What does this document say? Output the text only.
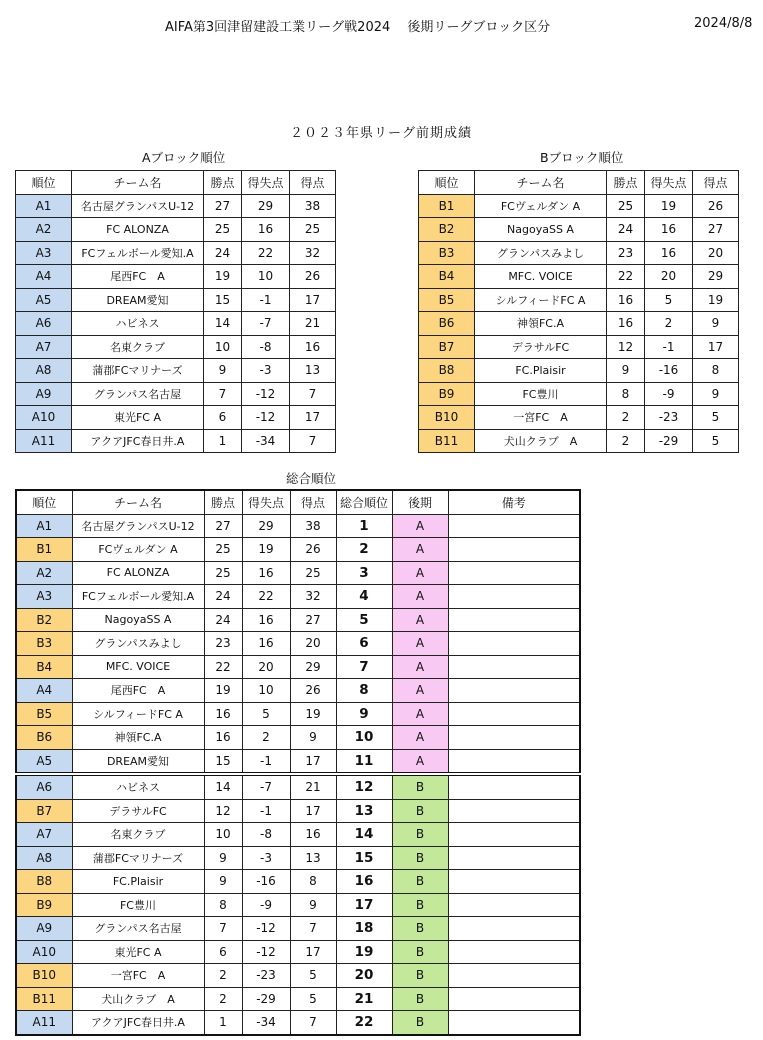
AIFA第3回津留建設工業リーグ戦2024　 後期リーグブロック区分	2024/8/8
２０２３年県リーグ前期成績
Aブロック順位	Bブロック順位
総合順位
順位	チーム名	勝点	得失点	得点
A1	名古屋グランパスU-12	27	29	38
A2	FC ALONZA	25	16	25
A3	FCフェルボール愛知.A	24	22	32
A4	尾西FC　A	19	10	26
A5	DREAM愛知	15	-1	17
A6	ハビネス	14	-7	21
A7	名東クラブ	10	-8	16
A8	蒲郡FCマリナーズ	9	-3	13
A9	グランパス名古屋	7	-12	7
A10	東光FC A	6	-12	17
A11	アクアJFC春日井.A	1	-34	7
順位	チーム名	勝点	得失点	得点
B1	FCヴェルダン A	25	19	26
B2	NagoyaSS A	24	16	27
B3	グランパスみよし	23	16	20
B4	MFC. VOICE	22	20	29
B5	シルフィードFC A	16	5	19
B6	神領FC.A	16	2	9
B7	デラサルFC	12	-1	17
B8	FC.Plaisir	9	-16	8
B9	FC豊川	8	-9	9
B10	一宮FC　A	2	-23	5
B11	犬山クラブ　A	2	-29	5
順位	チーム名	勝点	得失点	得点	総合順位	後期	備考
A1	名古屋グランパスU-12	27	29	38	1	A	
B1	FCヴェルダン A	25	19	26	2	A	
A2	FC ALONZA	25	16	25	3	A	
A3	FCフェルボール愛知.A	24	22	32	4	A	
B2	NagoyaSS A	24	16	27	5	A	
B3	グランパスみよし	23	16	20	6	A	
B4	MFC. VOICE	22	20	29	7	A	
A4	尾西FC　A	19	10	26	8	A	
B5	シルフィードFC A	16	5	19	9	A	
B6	神領FC.A	16	2	9	10	A	
A5	DREAM愛知	15	-1	17	11	A	
A6	ハビネス	14	-7	21	12	B	
B7	デラサルFC	12	-1	17	13	B	
A7	名東クラブ	10	-8	16	14	B	
A8	蒲郡FCマリナーズ	9	-3	13	15	B	
B8	FC.Plaisir	9	-16	8	16	B	
B9	FC豊川	8	-9	9	17	B	
A9	グランパス名古屋	7	-12	7	18	B	
A10	東光FC A	6	-12	17	19	B	
B10	一宮FC　A	2	-23	5	20	B	
B11	犬山クラブ　A	2	-29	5	21	B	
A11	アクアJFC春日井.A	1	-34	7	22	B	
